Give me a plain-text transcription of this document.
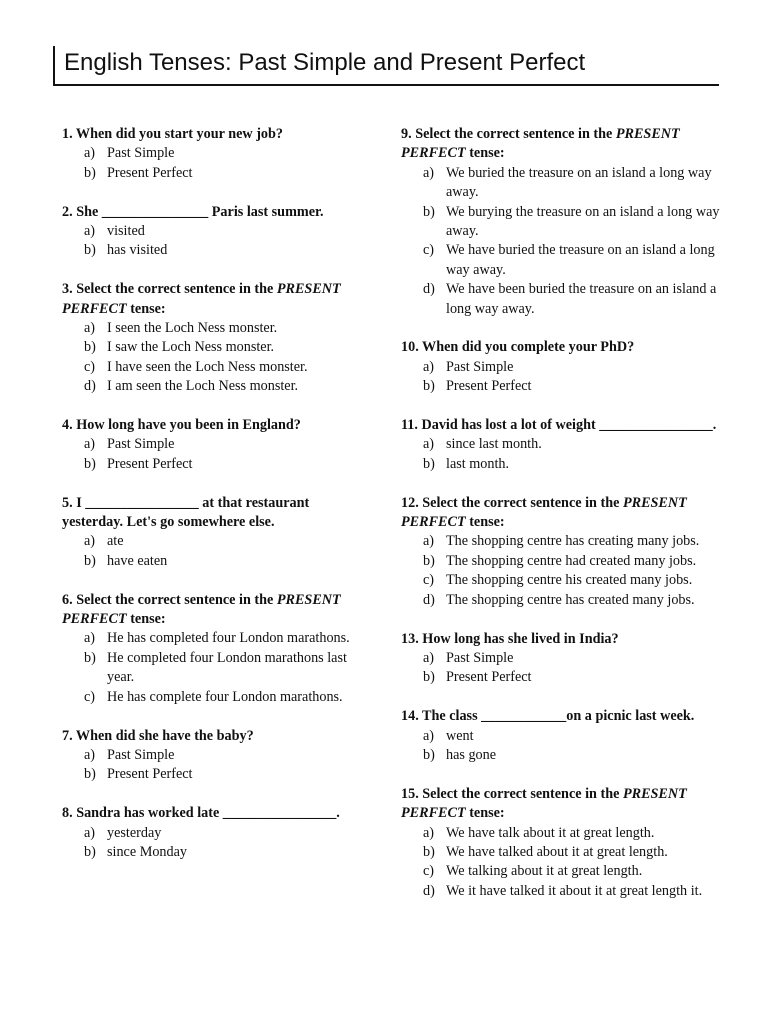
English Tenses: Past Simple and Present Perfect
1. When did you start your new job?
a) Past Simple
b) Present Perfect
2. She _______________ Paris last summer.
a) visited
b) has visited
3. Select the correct sentence in the PRESENT PERFECT tense:
a) I seen the Loch Ness monster.
b) I saw the Loch Ness monster.
c) I have seen the Loch Ness monster.
d) I am seen the Loch Ness monster.
4. How long have you been in England?
a) Past Simple
b) Present Perfect
5. I ________________ at that restaurant yesterday. Let's go somewhere else.
a) ate
b) have eaten
6. Select the correct sentence in the PRESENT PERFECT tense:
a) He has completed four London marathons.
b) He completed four London marathons last year.
c) He has complete four London marathons.
7. When did she have the baby?
a) Past Simple
b) Present Perfect
8. Sandra has worked late ________________.
a) yesterday
b) since Monday
9. Select the correct sentence in the PRESENT PERFECT tense:
a) We buried the treasure on an island a long way away.
b) We burying the treasure on an island a long way away.
c) We have buried the treasure on an island a long way away.
d) We have been buried the treasure on an island a long way away.
10. When did you complete your PhD?
a) Past Simple
b) Present Perfect
11. David has lost a lot of weight ________________.
a) since last month.
b) last month.
12. Select the correct sentence in the PRESENT PERFECT tense:
a) The shopping centre has creating many jobs.
b) The shopping centre had created many jobs.
c) The shopping centre his created many jobs.
d) The shopping centre has created many jobs.
13. How long has she lived in India?
a) Past Simple
b) Present Perfect
14. The class ____________on a picnic last week.
a) went
b) has gone
15. Select the correct sentence in the PRESENT PERFECT tense:
a) We have talk about it at great length.
b) We have talked about it at great length.
c) We talking about it at great length.
d) We it have talked it about it at great length it.
